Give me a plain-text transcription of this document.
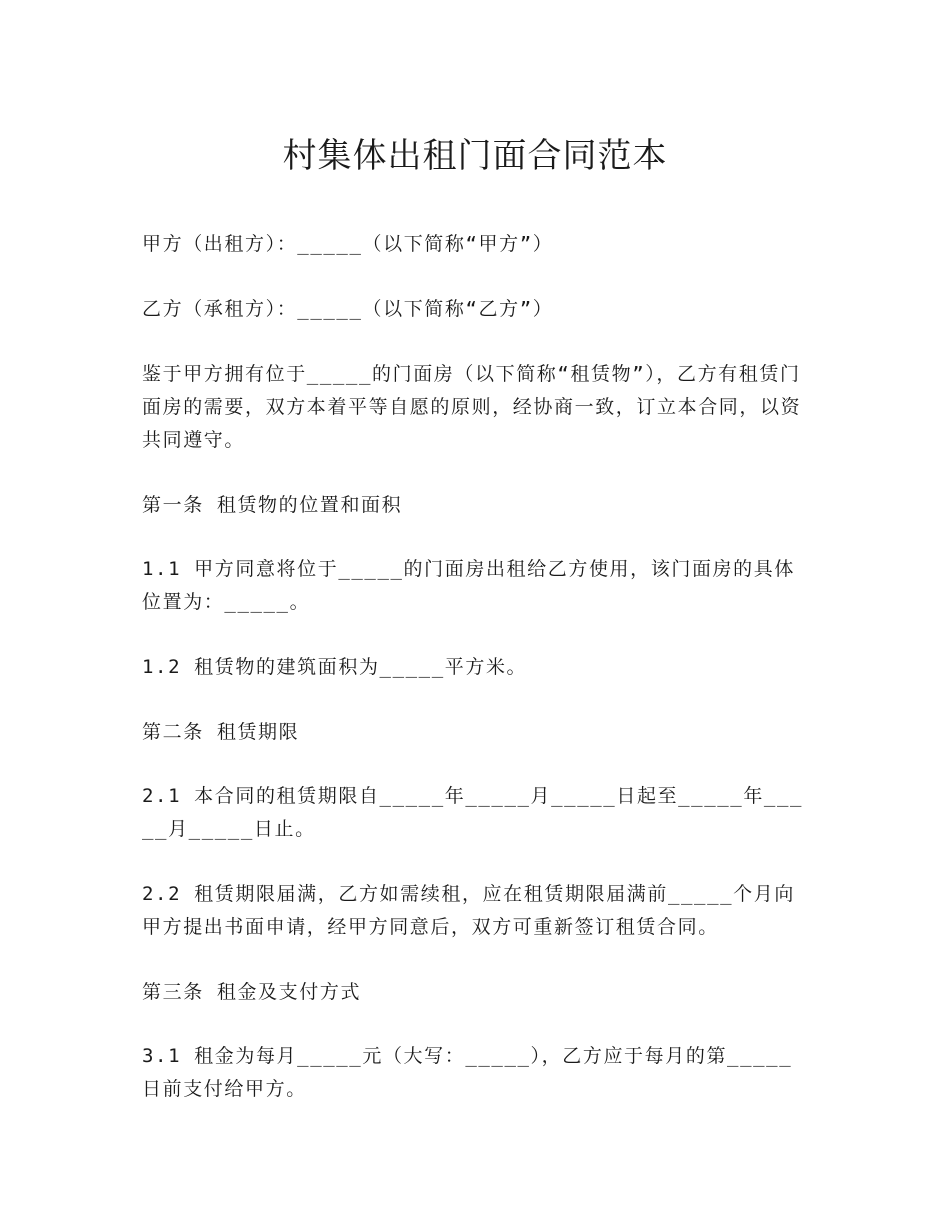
村集体出租门面合同范本

甲方（出租方）：_____（以下简称“甲方”）

乙方（承租方）：_____（以下简称“乙方”）

鉴于甲方拥有位于_____的门面房（以下简称“租赁物”），乙方有租赁门面房的需要，双方本着平等自愿的原则，经协商一致，订立本合同，以资共同遵守。

第一条 租赁物的位置和面积

1.1 甲方同意将位于_____的门面房出租给乙方使用，该门面房的具体位置为：_____。

1.2 租赁物的建筑面积为_____平方米。

第二条 租赁期限

2.1 本合同的租赁期限自_____年_____月_____日起至_____年_____月_____日止。

2.2 租赁期限届满，乙方如需续租，应在租赁期限届满前_____个月向甲方提出书面申请，经甲方同意后，双方可重新签订租赁合同。

第三条 租金及支付方式

3.1 租金为每月_____元（大写：_____），乙方应于每月的第_____日前支付给甲方。
